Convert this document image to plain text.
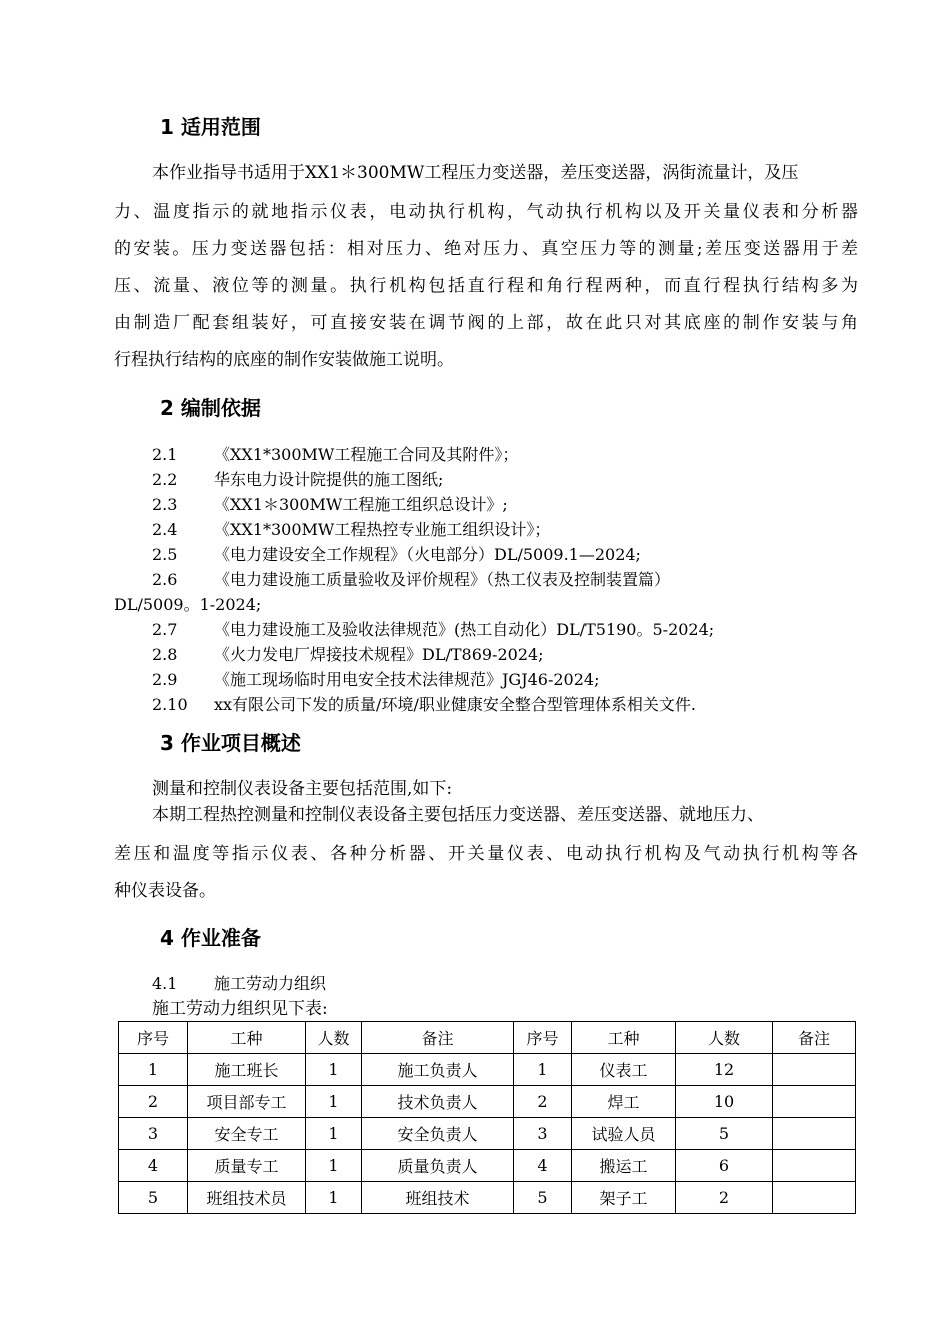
1 适用范围
本作业指导书适用于XX1＊300MW工程压力变送器，差压变送器，涡街流量计，及压
力、温度指示的就地指示仪表，电动执行机构，气动执行机构以及开关量仪表和分析器
的安装。压力变送器包括：相对压力、绝对压力、真空压力等的测量;差压变送器用于差
压、流量、液位等的测量。执行机构包括直行程和角行程两种，而直行程执行结构多为
由制造厂配套组装好，可直接安装在调节阀的上部，故在此只对其底座的制作安装与角
行程执行结构的底座的制作安装做施工说明。
2 编制依据
2.1 《XX1*300MW工程施工合同及其附件》；
2.2 华东电力设计院提供的施工图纸;
2.3 《XX1＊300MW工程施工组织总设计》;
2.4 《XX1*300MW工程热控专业施工组织设计》；
2.5 《电力建设安全工作规程》（火电部分）DL/5009.1—2024;
2.6 《电力建设施工质量验收及评价规程》（热工仪表及控制装置篇）
DL/5009。1-2024;
2.7 《电力建设施工及验收法律规范》(热工自动化）DL/T5190。5-2024;
2.8 《火力发电厂焊接技术规程》DL/T869-2024;
2.9 《施工现场临时用电安全技术法律规范》JGJ46-2024;
2.10 xx有限公司下发的质量/环境/职业健康安全整合型管理体系相关文件.
3 作业项目概述
测量和控制仪表设备主要包括范围,如下:
本期工程热控测量和控制仪表设备主要包括压力变送器、差压变送器、就地压力、
差压和温度等指示仪表、各种分析器、开关量仪表、电动执行机构及气动执行机构等各
种仪表设备。
4 作业准备
4.1 施工劳动力组织
施工劳动力组织见下表:
序号	工种	人数	备注	序号	工种	人数	备注
1	施工班长	1	施工负责人	1	仪表工	12	
2	项目部专工	1	技术负责人	2	焊工	10	
3	安全专工	1	安全负责人	3	试验人员	5	
4	质量专工	1	质量负责人	4	搬运工	6	
5	班组技术员	1	班组技术	5	架子工	2	
